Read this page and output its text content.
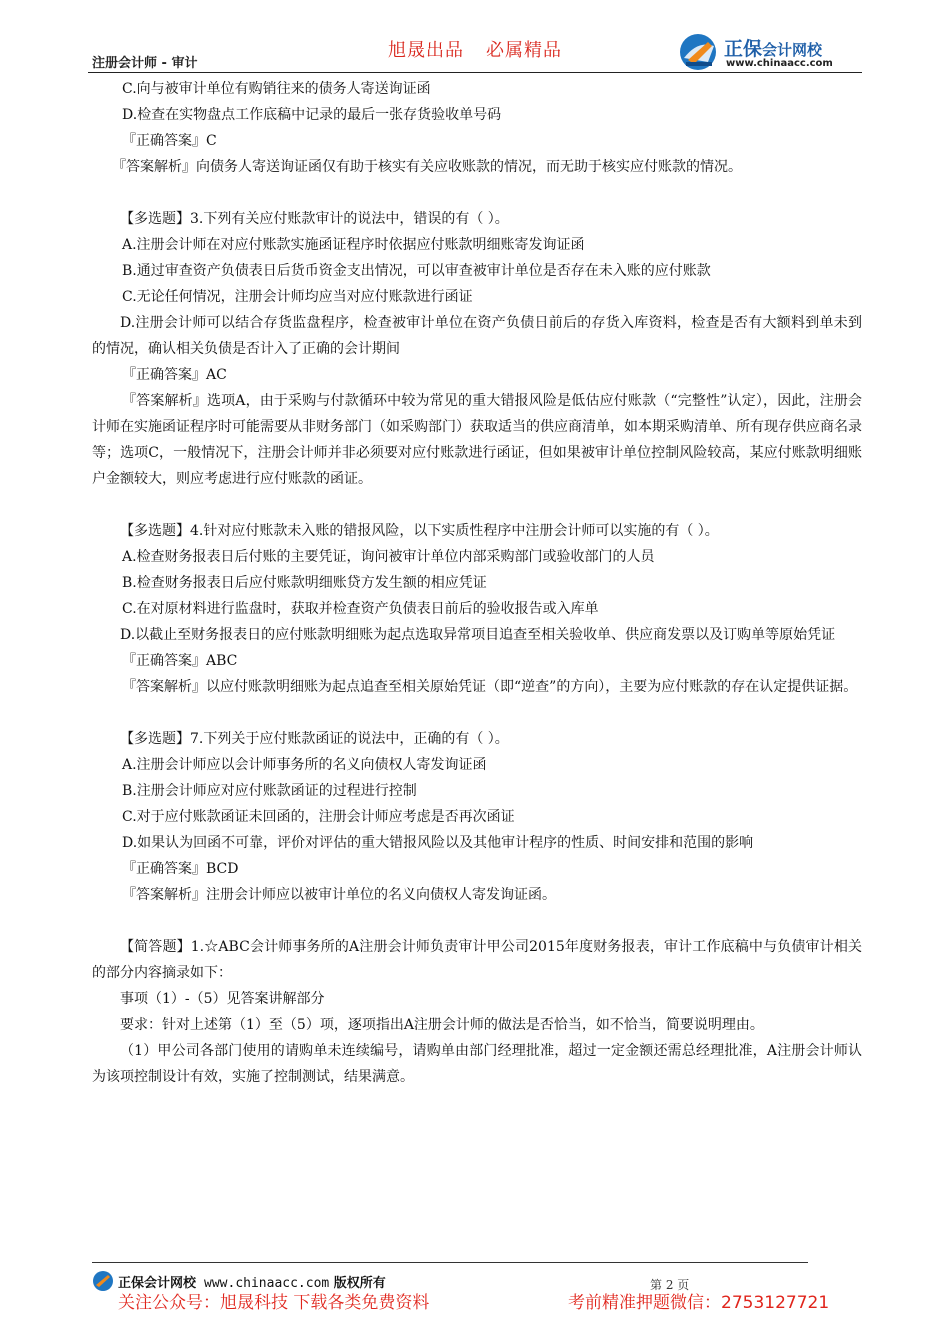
注册会计师 - 审计
旭晟出品 必属精品	正保会计网校
www.chinaacc.com

C.向与被审计单位有购销往来的债务人寄送询证函

D.检查在实物盘点工作底稿中记录的最后一张存货验收单号码

『正确答案』C

『答案解析』向债务人寄送询证函仅有助于核实有关应收账款的情况，而无助于核实应付账款的情况。

【多选题】3.下列有关应付账款审计的说法中，错误的有（ ）。

A.注册会计师在对应付账款实施函证程序时依据应付账款明细账寄发询证函

B.通过审查资产负债表日后货币资金支出情况，可以审查被审计单位是否存在未入账的应付账款

C.无论任何情况，注册会计师均应当对应付账款进行函证

D.注册会计师可以结合存货监盘程序，检查被审计单位在资产负债日前后的存货入库资料，检查是否有大额料到单未到的情况，确认相关负债是否计入了正确的会计期间

『正确答案』AC

『答案解析』选项A，由于采购与付款循环中较为常见的重大错报风险是低估应付账款（“完整性”认定），因此，注册会计师在实施函证程序时可能需要从非财务部门（如采购部门）获取适当的供应商清单，如本期采购清单、所有现存供应商名录等；选项C，一般情况下，注册会计师并非必须要对应付账款进行函证，但如果被审计单位控制风险较高，某应付账款明细账户金额较大，则应考虑进行应付账款的函证。

【多选题】4.针对应付账款未入账的错报风险，以下实质性程序中注册会计师可以实施的有（ ）。

A.检查财务报表日后付账的主要凭证，询问被审计单位内部采购部门或验收部门的人员

B.检查财务报表日后应付账款明细账贷方发生额的相应凭证

C.在对原材料进行监盘时，获取并检查资产负债表日前后的验收报告或入库单

D.以截止至财务报表日的应付账款明细账为起点选取异常项目追查至相关验收单、供应商发票以及订购单等原始凭证

『正确答案』ABC

『答案解析』以应付账款明细账为起点追查至相关原始凭证（即“逆查”的方向），主要为应付账款的存在认定提供证据。

【多选题】7.下列关于应付账款函证的说法中，正确的有（ ）。

A.注册会计师应以会计师事务所的名义向债权人寄发询证函

B.注册会计师应对应付账款函证的过程进行控制

C.对于应付账款函证未回函的，注册会计师应考虑是否再次函证

D.如果认为回函不可靠，评价对评估的重大错报风险以及其他审计程序的性质、时间安排和范围的影响

『正确答案』BCD

『答案解析』注册会计师应以被审计单位的名义向债权人寄发询证函。

【简答题】1.☆ABC会计师事务所的A注册会计师负责审计甲公司2015年度财务报表，审计工作底稿中与负债审计相关的部分内容摘录如下：

事项（1）-（5）见答案讲解部分

要求：针对上述第（1）至（5）项，逐项指出A注册会计师的做法是否恰当，如不恰当，简要说明理由。

（1）甲公司各部门使用的请购单未连续编号，请购单由部门经理批准，超过一定金额还需总经理批准，A注册会计师认为该项控制设计有效，实施了控制测试，结果满意。

正保会计网校 www.chinaacc.com 版权所有	第 2 页
关注公众号：旭晟科技 下载各类免费资料	考前精准押题微信：2753127721
